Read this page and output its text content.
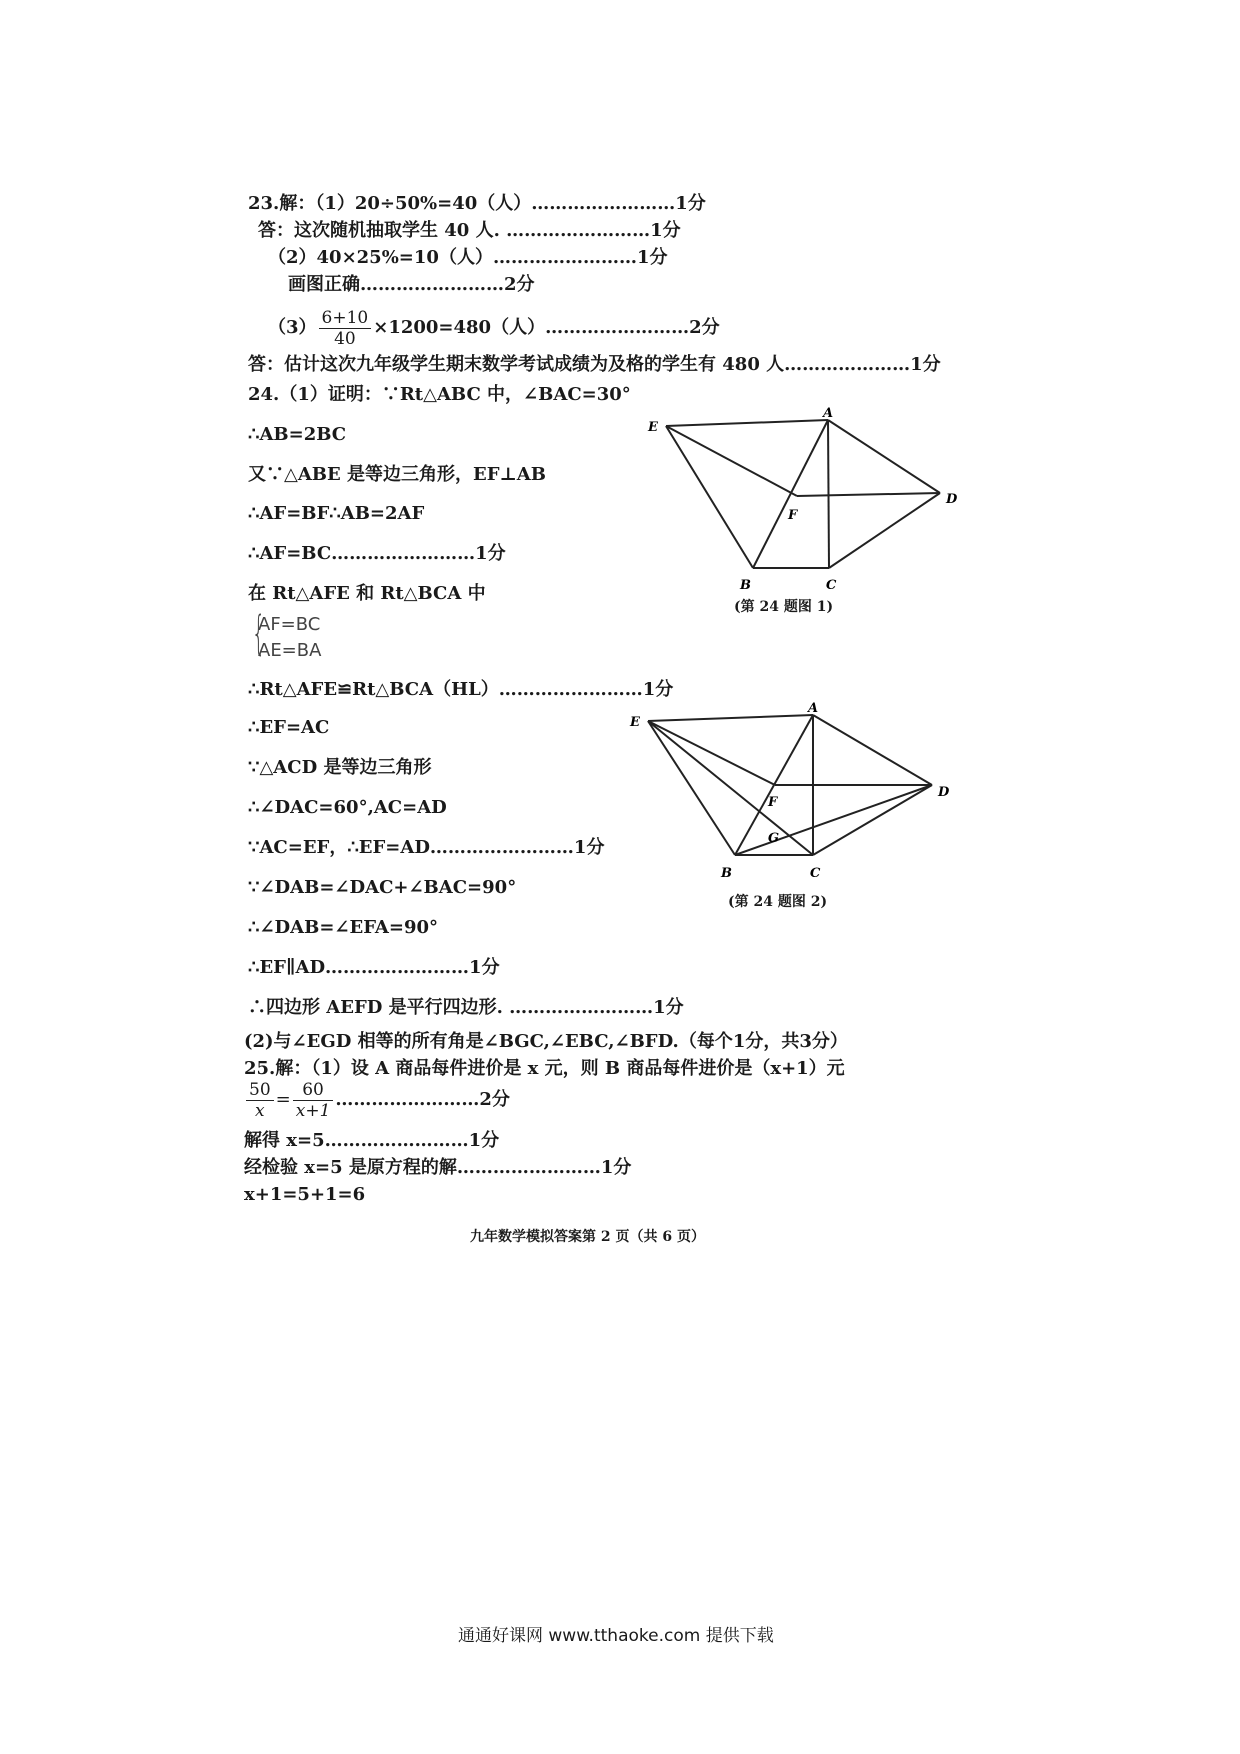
23.解：（1）20÷50%=40（人）……………………1分
答：这次随机抽取学生 40 人. ……………………1分
（2）40×25%=10（人）……………………1分
画图正确……………………2分
$(3) \frac{6+10}{40} \times 1200=480$（人）……………………2分
答：估计这次九年级学生期末数学考试成绩为及格的学生有 480 人…………………1分
24.（1）证明：∵Rt△ABC 中，∠BAC=30°
∴AB=2BC
又∵△ABE 是等边三角形，EF⊥AB
∴AF=BF∴AB=2AF
∴AF=BC……………………1分
在 Rt△AFE 和 Rt△BCA 中
{
AF=BC
AE=BA
∴Rt△AFE≌Rt△BCA（HL）……………………1分
∴EF=AC
∵△ACD 是等边三角形
∴∠DAC=60°,AC=AD
∵AC=EF，∴EF=AD……………………1分
∵∠DAB=∠DAC+∠BAC=90°
∴∠DAB=∠EFA=90°
∴EF∥AD……………………1分
∴四边形 AEFD 是平行四边形. ……………………1分
(2)与∠EGD 相等的所有角是∠BGC,∠EBC,∠BFD.（每个1分，共3分）
E
A
D
F
B	C
(第 24 题图 1)
E
A
D
F
G
B	C
(第 24 题图 2)
25.解：（1）设 A 商品每件进价是 x 元，则 B 商品每件进价是（x+1）元
$\frac{50}{x} = \frac{60}{x+1}$ ……………………2分
解得 x=5……………………1分
经检验 x=5 是原方程的解……………………1分
x+1=5+1=6
九年数学模拟答案第 2 页（共 6 页）
通通好课网 www.tthaoke.com 提供下载
